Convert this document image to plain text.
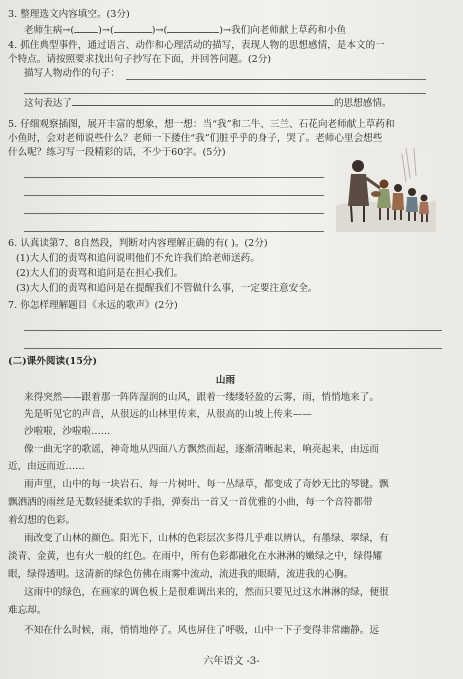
3. 整理选文内容填空。(3分)
老师生病→(	)→(	)→(	)→我们向老师献上草药和小鱼
4. 抓住典型事件，通过语言、动作和心理活动的描写，表现人物的思想感情，是本文的一
个特点。请按照要求找出句子抄写在下面，并回答问题。(2分)
描写人物动作的句子：
这句表达了	的思想感情。
5. 仔细观察插图，展开丰富的想象，想一想：当“我”和二牛、三兰、石花向老师献上草药和
小鱼时，会对老师说些什么？老师一下搂住“我”们脏乎乎的身子，哭了。老师心里会想些
什么呢？练习写一段精彩的话，不少于60字。(5分)
6. 认真读第7、8自然段，判断对内容理解正确的有( )。(2分)
(1)大人们的责骂和追问说明他们不允许我们给老师送药。
(2)大人们的责骂和追问是在担心我们。
(3)大人们的责骂和追问是在提醒我们不管做什么事，一定要注意安全。
7. 你怎样理解题目《永远的歌声》(2分)
(二)课外阅读(15分)
山雨
来得突然——跟着那一阵阵湿润的山风，跟着一缕缕轻盈的云雾，雨，悄悄地来了。
先是听见它的声音，从很远的山林里传来，从很高的山坡上传来——
沙啦啦，沙啦啦……
像一曲无字的歌谣，神奇地从四面八方飘然而起，逐渐清晰起来，响亮起来，由远而
近，由远而近……
雨声里，山中的每一块岩石、每一片树叶、每一丛绿草，都变成了奇妙无比的琴键。飘
飘洒洒的雨丝是无数轻捷柔软的手指，弹奏出一首又一首优雅的小曲，每一个音符都带
着幻想的色彩。
雨改变了山林的颜色。阳光下，山林的色彩层次多得几乎难以辨认，有墨绿、翠绿，有
淡青、金黄，也有火一般的红色。在雨中，所有色彩都融化在水淋淋的嫩绿之中，绿得耀
眼，绿得透明。这清新的绿色仿佛在雨雾中流动，流进我的眼睛，流进我的心胸。
这雨中的绿色，在画家的调色板上是很难调出来的，然而只要见过这水淋淋的绿，便很
难忘却。
不知在什么时候，雨，悄悄地停了。风也屏住了呼吸，山中一下子变得非常幽静。远
六年语文 -3-
